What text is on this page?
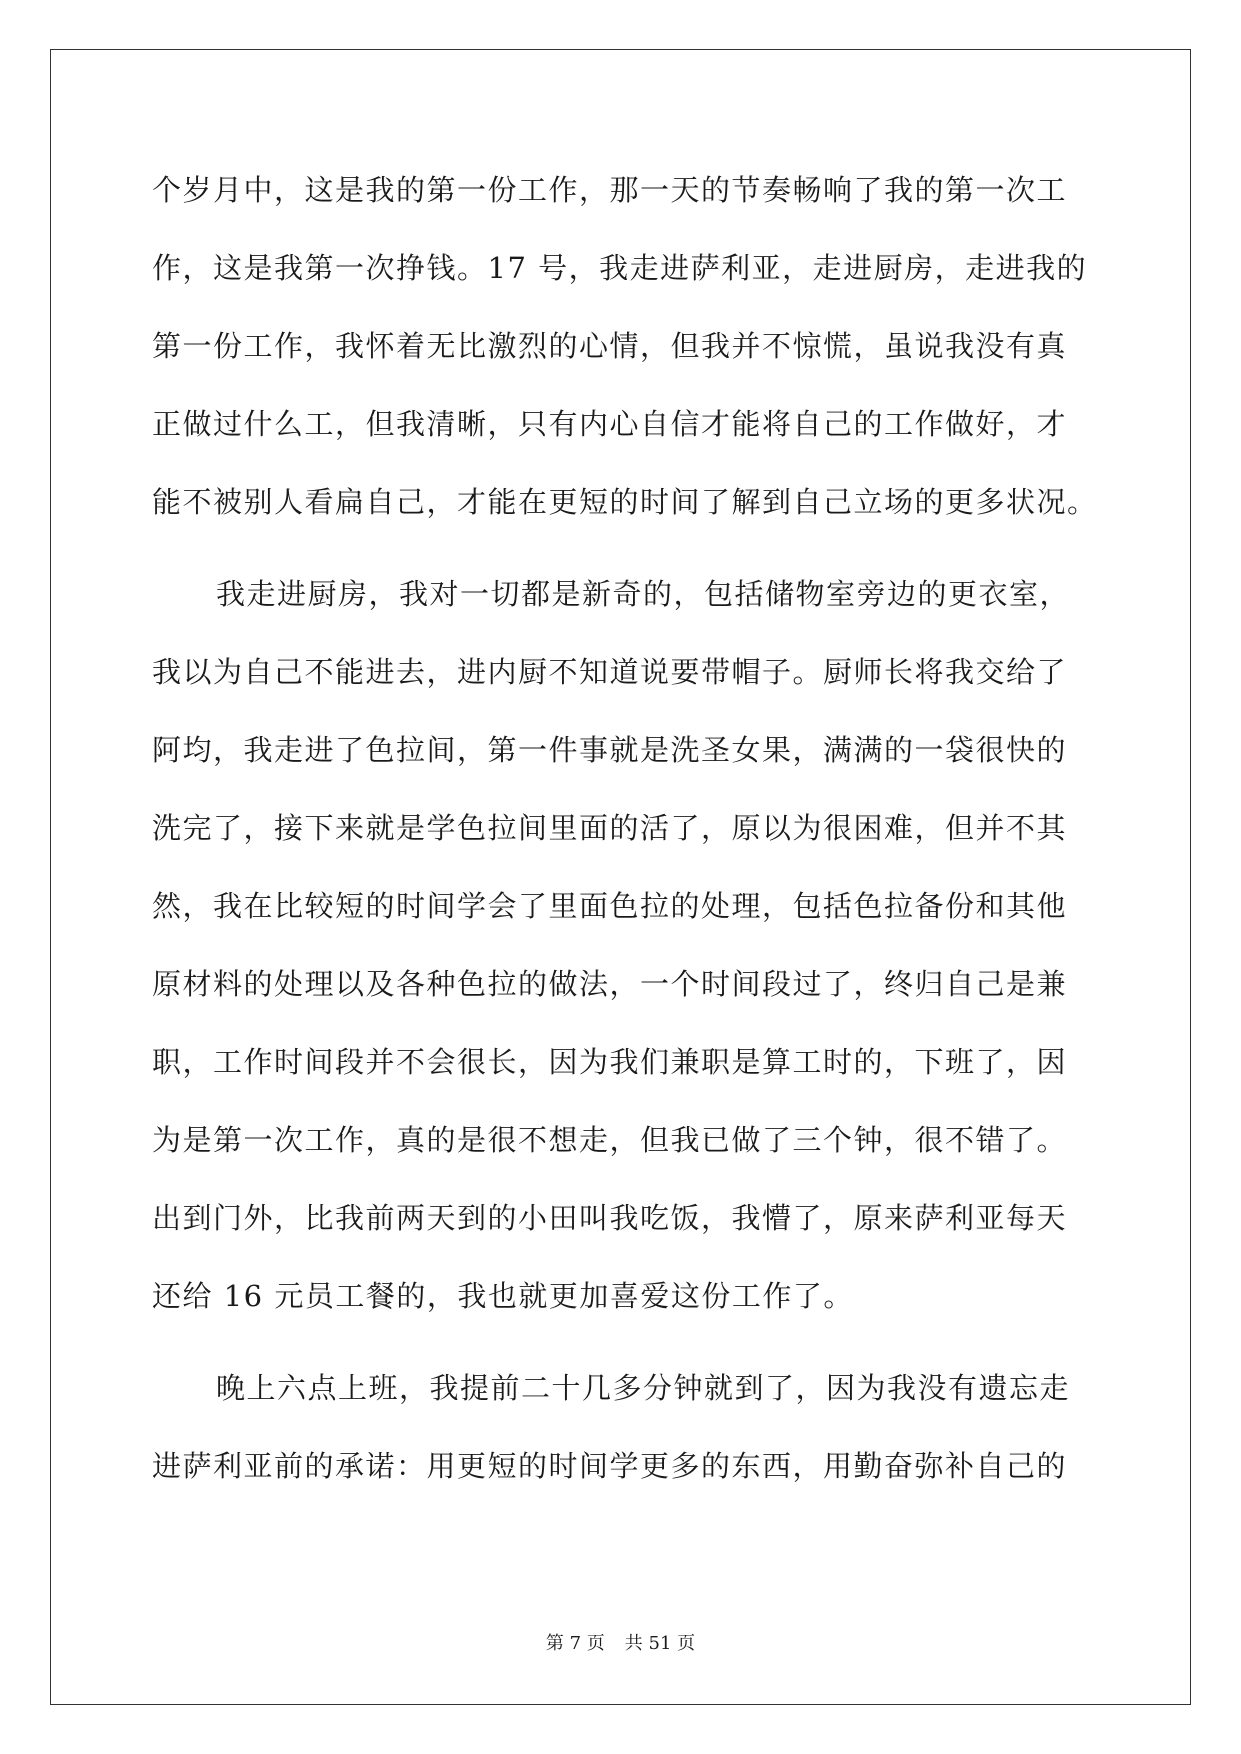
个岁月中，这是我的第一份工作，那一天的节奏畅响了我的第一次工
作，这是我第一次挣钱。17 号，我走进萨利亚，走进厨房，走进我的
第一份工作，我怀着无比激烈的心情，但我并不惊慌，虽说我没有真
正做过什么工，但我清晰，只有内心自信才能将自己的工作做好，才
能不被别人看扁自己，才能在更短的时间了解到自己立场的更多状况。
我走进厨房，我对一切都是新奇的，包括储物室旁边的更衣室，
我以为自己不能进去，进内厨不知道说要带帽子。厨师长将我交给了
阿均，我走进了色拉间，第一件事就是洗圣女果，满满的一袋很快的
洗完了，接下来就是学色拉间里面的活了，原以为很困难，但并不其
然，我在比较短的时间学会了里面色拉的处理，包括色拉备份和其他
原材料的处理以及各种色拉的做法，一个时间段过了，终归自己是兼
职，工作时间段并不会很长，因为我们兼职是算工时的，下班了，因
为是第一次工作，真的是很不想走，但我已做了三个钟，很不错了。
出到门外，比我前两天到的小田叫我吃饭，我懵了，原来萨利亚每天
还给 16 元员工餐的，我也就更加喜爱这份工作了。
晚上六点上班，我提前二十几多分钟就到了，因为我没有遗忘走
进萨利亚前的承诺：用更短的时间学更多的东西，用勤奋弥补自己的
第 7 页 共 51 页
